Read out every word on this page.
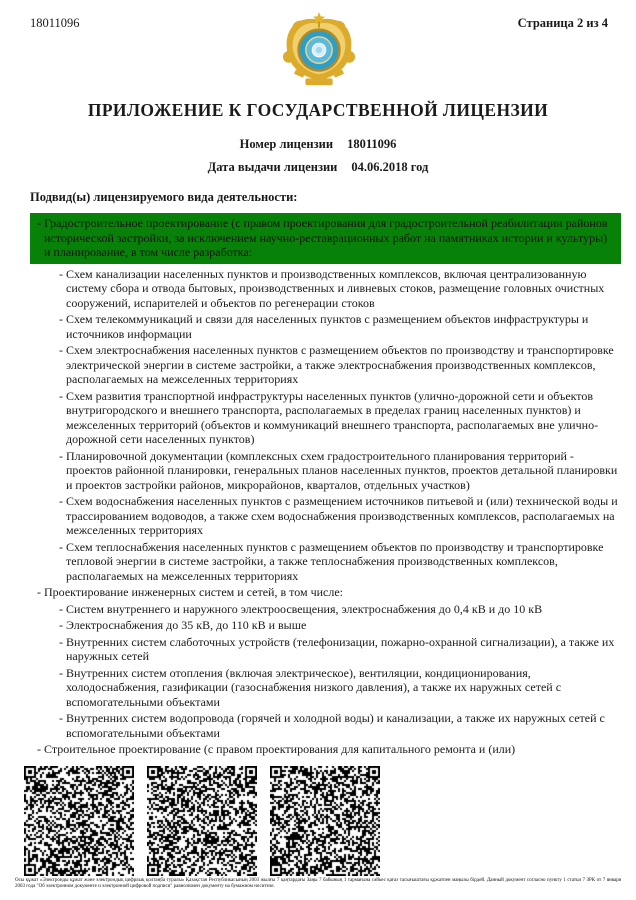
18011096	Страница 2 из 4
ПРИЛОЖЕНИЕ К ГОСУДАРСТВЕННОЙ ЛИЦЕНЗИИ
Номер лицензии 18011096
Дата выдачи лицензии 04.06.2018 год
Подвид(ы) лицензируемого вида деятельности:
- Градостроительное проектирование (с правом проектирования для градостроительной реабилитации районов исторической застройки, за исключением научно-реставрационных работ на памятниках истории и культуры) и планирование, в том числе разработка:
- Схем канализации населенных пунктов и производственных комплексов, включая централизованную систему сбора и отвода бытовых, производственных и ливневых стоков, размещение головных очистных сооружений, испарителей и объектов по регенерации стоков
- Схем телекоммуникаций и связи для населенных пунктов с размещением объектов инфраструктуры и источников информации
- Схем электроснабжения населенных пунктов с размещением объектов по производству и транспортировке электрической энергии в системе застройки, а также электроснабжения производственных комплексов, располагаемых на межселенных территориях
- Схем развития транспортной инфраструктуры населенных пунктов (улично-дорожной сети и объектов внутригородского и внешнего транспорта, располагаемых в пределах границ населенных пунктов) и межселенных территорий (объектов и коммуникаций внешнего транспорта, располагаемых вне улично-дорожной сети населенных пунктов)
- Планировочной документации (комплексных схем градостроительного планирования территорий - проектов районной планировки, генеральных планов населенных пунктов, проектов детальной планировки и проектов застройки районов, микрорайонов, кварталов, отдельных участков)
- Схем водоснабжения населенных пунктов с размещением источников питьевой и (или) технической воды и трассированием водоводов, а также схем водоснабжения производственных комплексов, располагаемых на межселенных территориях
- Схем теплоснабжения населенных пунктов с размещением объектов по производству и транспортировке тепловой энергии в системе застройки, а также теплоснабжения производственных комплексов, располагаемых на межселенных территориях
- Проектирование инженерных систем и сетей, в том числе:
- Систем внутреннего и наружного электроосвещения, электроснабжения до 0,4 кВ и до 10 кВ
- Электроснабжения до 35 кВ, до 110 кВ и выше
- Внутренних систем слаботочных устройств (телефонизации, пожарно-охранной сигнализации), а также их наружных сетей
- Внутренних систем отопления (включая электрическое), вентиляции, кондиционирования, холодоснабжения, газификации (газоснабжения низкого давления), а также их наружных сетей с вспомогательными объектами
- Внутренних систем водопровода (горячей и холодной воды) и канализации, а также их наружных сетей с вспомогательными объектами
- Строительное проектирование (с правом проектирования для капитального ремонта и (или)
Осы құжат «Электронды құжат және электрондық цифрлық қолтаңба туралы» Қазақстан Республикасының 2003 жылғы 7 қаңтардағы Заңы 7 бабының 1 тармағына сәйкес қағаз тасығыштағы құжатпен маңызы бірдей. Данный документ согласно пункту 1 статьи 7 ЗРК от 7 января 2003 года "Об электронном документе и электронной цифровой подписи" равнозначен документу на бумажном носителе.
